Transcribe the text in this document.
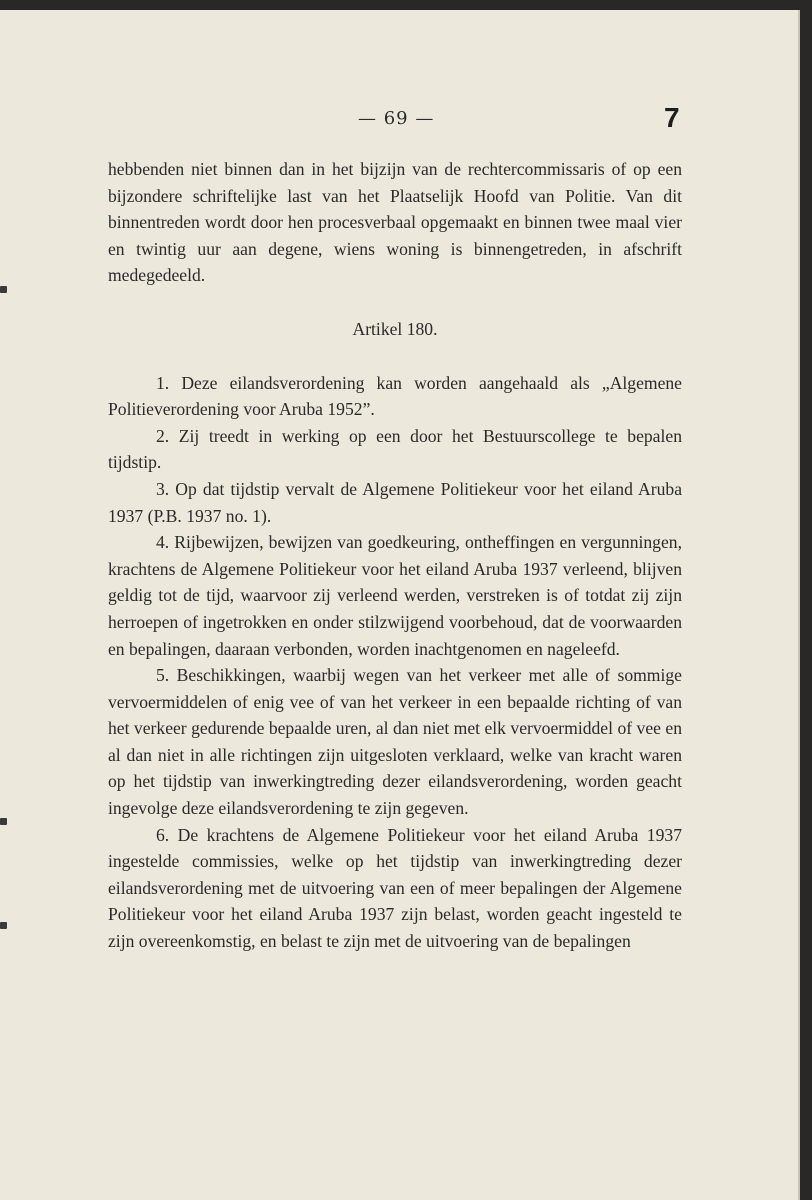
— 69 —	7

hebbenden niet binnen dan in het bijzijn van de rechtercommissaris of op een bijzondere schriftelijke last van het Plaatselijk Hoofd van Politie. Van dit binnentreden wordt door hen procesverbaal opgemaakt en binnen twee maal vier en twintig uur aan degene, wiens woning is binnengetreden, in afschrift medegedeeld.

Artikel 180.

1. Deze eilandsverordening kan worden aangehaald als „Algemene Politieverordening voor Aruba 1952”.

2. Zij treedt in werking op een door het Bestuurscollege te bepalen tijdstip.

3. Op dat tijdstip vervalt de Algemene Politiekeur voor het eiland Aruba 1937 (P.B. 1937 no. 1).

4. Rijbewijzen, bewijzen van goedkeuring, ontheffingen en vergunningen, krachtens de Algemene Politiekeur voor het eiland Aruba 1937 verleend, blijven geldig tot de tijd, waarvoor zij verleend werden, verstreken is of totdat zij zijn herroepen of ingetrokken en onder stilzwijgend voorbehoud, dat de voorwaarden en bepalingen, daaraan verbonden, worden inachtgenomen en nageleefd.

5. Beschikkingen, waarbij wegen van het verkeer met alle of sommige vervoermiddelen of enig vee of van het verkeer in een bepaalde richting of van het verkeer gedurende bepaalde uren, al dan niet met elk vervoermiddel of vee en al dan niet in alle richtingen zijn uitgesloten verklaard, welke van kracht waren op het tijdstip van inwerkingtreding dezer eilandsverordening, worden geacht ingevolge deze eilandsverordening te zijn gegeven.

6. De krachtens de Algemene Politiekeur voor het eiland Aruba 1937 ingestelde commissies, welke op het tijdstip van inwerkingtreding dezer eilandsverordening met de uitvoering van een of meer bepalingen der Algemene Politiekeur voor het eiland Aruba 1937 zijn belast, worden geacht ingesteld te zijn overeenkomstig, en belast te zijn met de uitvoering van de bepalingen
